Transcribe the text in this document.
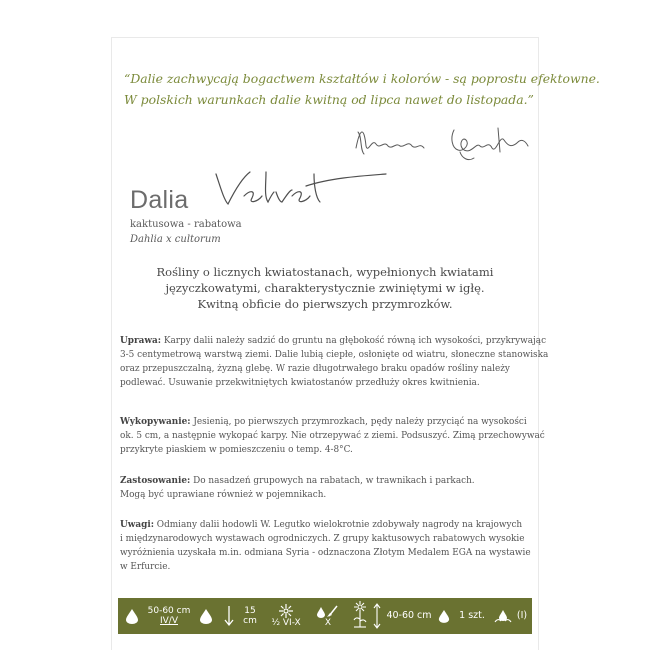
“Dalie zachwycają bogactwem kształtów i kolorów - są poprostu efektowne.
W polskich warunkach dalie kwitną od lipca nawet do listopada.”
Dalia
kaktusowa - rabatowa
Dahlia x cultorum
Rośliny o licznych kwiatostanach, wypełnionych kwiatami
języczkowatymi, charakterystycznie zwiniętymi w igłę.
Kwitną obficie do pierwszych przymrozków.
Uprawa: Karpy dalii należy sadzić do gruntu na głębokość równą ich wysokości, przykrywając
3-5 centymetrową warstwą ziemi. Dalie lubią ciepłe, osłonięte od wiatru, słoneczne stanowiska
oraz przepuszczalną, żyzną glebę. W razie długotrwałego braku opadów rośliny należy
podlewać. Usuwanie przekwitniętych kwiatostanów przedłuży okres kwitnienia.
Wykopywanie: Jesienią, po pierwszych przymrozkach, pędy należy przyciąć na wysokości
ok. 5 cm, a następnie wykopać karpy. Nie otrzepywać z ziemi. Podsuszyć. Zimą przechowywać
przykryte piaskiem w pomieszczeniu o temp. 4-8°C.
Zastosowanie: Do nasadzeń grupowych na rabatach, w trawnikach i parkach.
Mogą być uprawiane również w pojemnikach.
Uwagi: Odmiany dalii hodowli W. Legutko wielokrotnie zdobywały nagrody na krajowych
i międzynarodowych wystawach ogrodniczych. Z grupy kaktusowych rabatowych wysokie
wyróżnienia uzyskała m.in. odmiana Syria - odznaczona Złotym Medalem EGA na wystawie
w Erfurcie.
50-60 cm
IV/V
15
cm ½ VI-X	X
40-60 cm	1 szt.	(I)
